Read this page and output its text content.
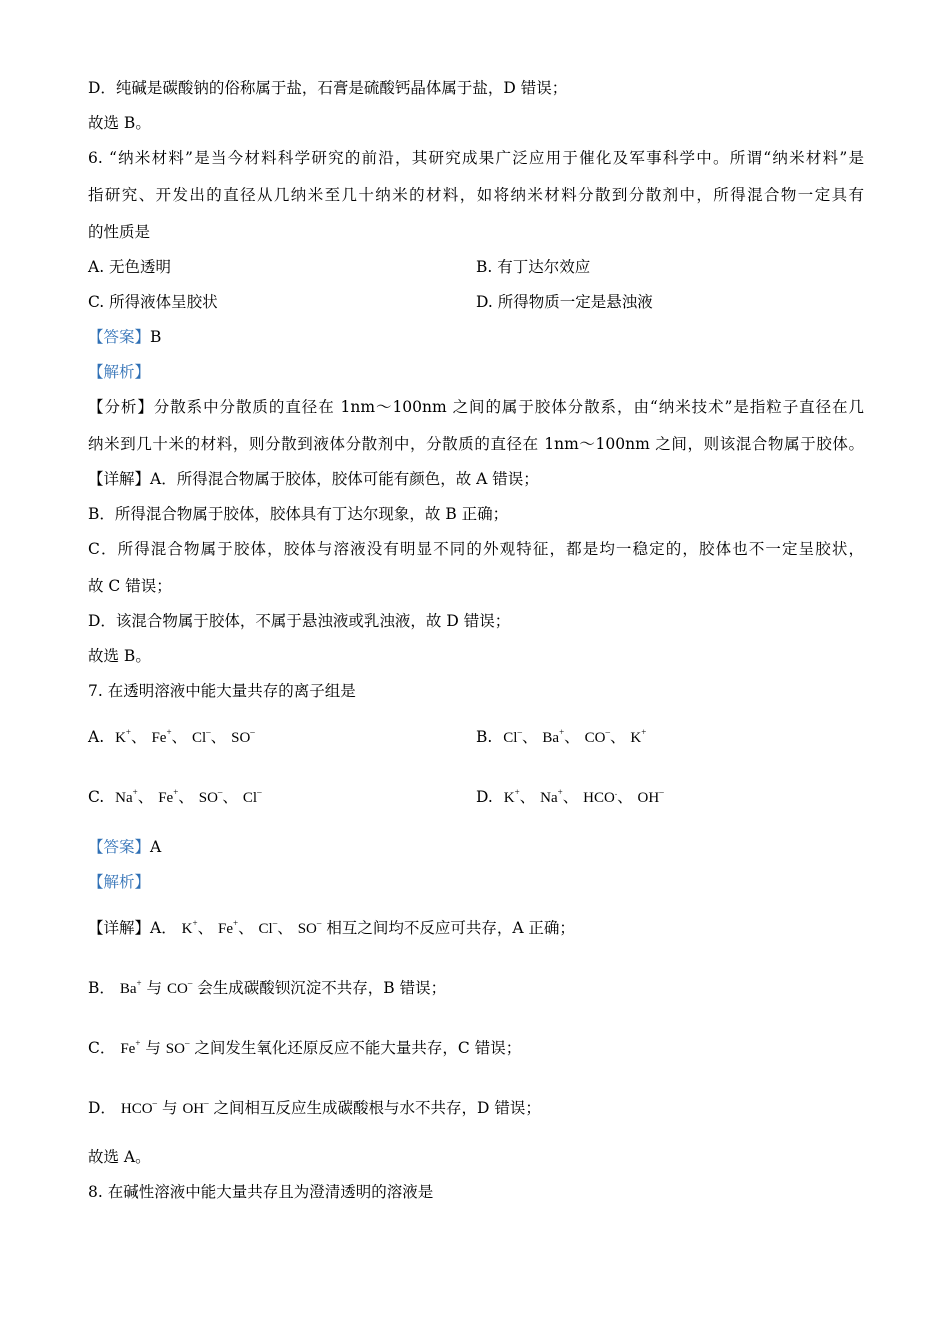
D．纯碱是碳酸钠的俗称属于盐，石膏是硫酸钙晶体属于盐，D 错误；
故选 B。
6. “纳米材料”是当今材料科学研究的前沿，其研究成果广泛应用于催化及军事科学中。所谓“纳米材料”是
指研究、开发出的直径从几纳米至几十纳米的材料，如将纳米材料分散到分散剂中，所得混合物一定具有
的性质是
A. 无色透明	B. 有丁达尔效应
C. 所得液体呈胶状	D. 所得物质一定是悬浊液
【答案】B
【解析】
【分析】分散系中分散质的直径在 1nm～100nm 之间的属于胶体分散系，由“纳米技术”是指粒子直径在几
纳米到几十米的材料，则分散到液体分散剂中，分散质的直径在 1nm～100nm 之间，则该混合物属于胶体。
【详解】A．所得混合物属于胶体，胶体可能有颜色，故 A 错误；
B．所得混合物属于胶体，胶体具有丁达尔现象，故 B 正确；
C．所得混合物属于胶体，胶体与溶液没有明显不同的外观特征，都是均一稳定的，胶体也不一定呈胶状，
故 C 错误；
D．该混合物属于胶体，不属于悬浊液或乳浊液，故 D 错误；
故选 B。
7. 在透明溶液中能大量共存的离子组是
A. K+、 Fe+、 Cl–、 SO–	B. Cl–、 Ba+、 CO–、 K+
C. Na+、 Fe+、 SO–、 Cl–	D. K+、 Na+、 HCO.、 OH–
【答案】A
【解析】
【详解】A． K+、 Fe+、 Cl–、 SO– 相互之间均不反应可共存，A 正确；
B． Ba+ 与 CO– 会生成碳酸钡沉淀不共存，B 错误；
C． Fe+ 与 SO– 之间发生氧化还原反应不能大量共存，C 错误；
D． HCO– 与 OH– 之间相互反应生成碳酸根与水不共存，D 错误；
故选 A。
8. 在碱性溶液中能大量共存且为澄清透明的溶液是
